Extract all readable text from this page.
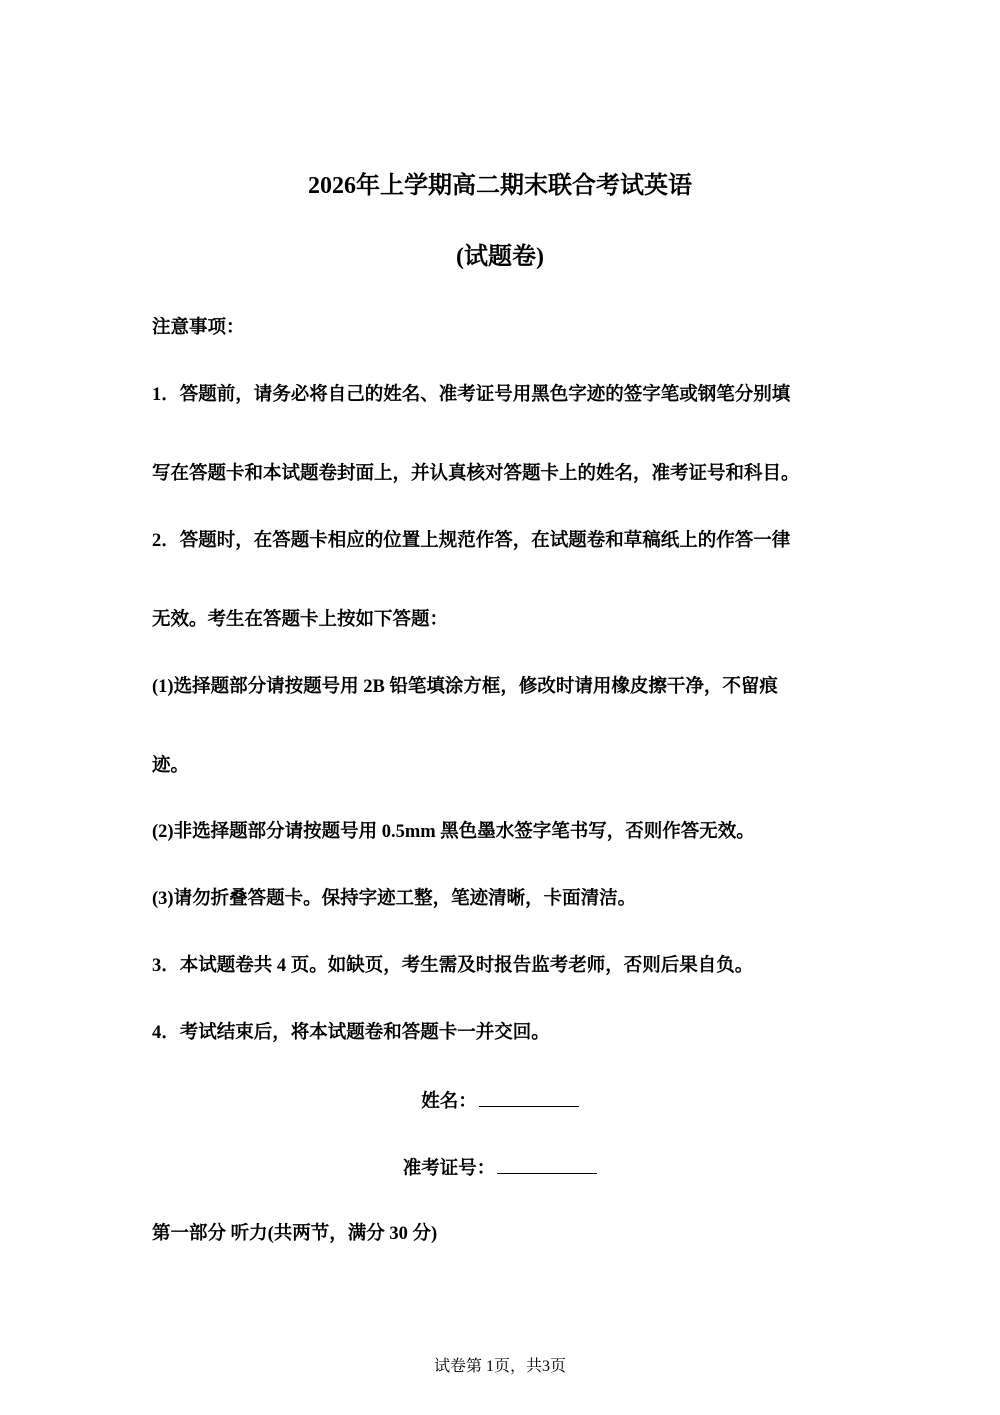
2026年上学期高二期末联合考试英语
(试题卷)
注意事项：
1．答题前，请务必将自己的姓名、准考证号用黑色字迹的签字笔或钢笔分别填
写在答题卡和本试题卷封面上，并认真核对答题卡上的姓名，准考证号和科目。
2．答题时，在答题卡相应的位置上规范作答，在试题卷和草稿纸上的作答一律
无效。考生在答题卡上按如下答题：
(1)选择题部分请按题号用 2B 铅笔填涂方框，修改时请用橡皮擦干净，不留痕
迹。
(2)非选择题部分请按题号用 0.5mm 黑色墨水签字笔书写，否则作答无效。
(3)请勿折叠答题卡。保持字迹工整，笔迹清晰，卡面清洁。
3．本试题卷共 4 页。如缺页，考生需及时报告监考老师，否则后果自负。
4．考试结束后，将本试题卷和答题卡一并交回。
姓名：
准考证号：
第一部分 听力(共两节，满分 30 分)
试卷第 1页，共3页
